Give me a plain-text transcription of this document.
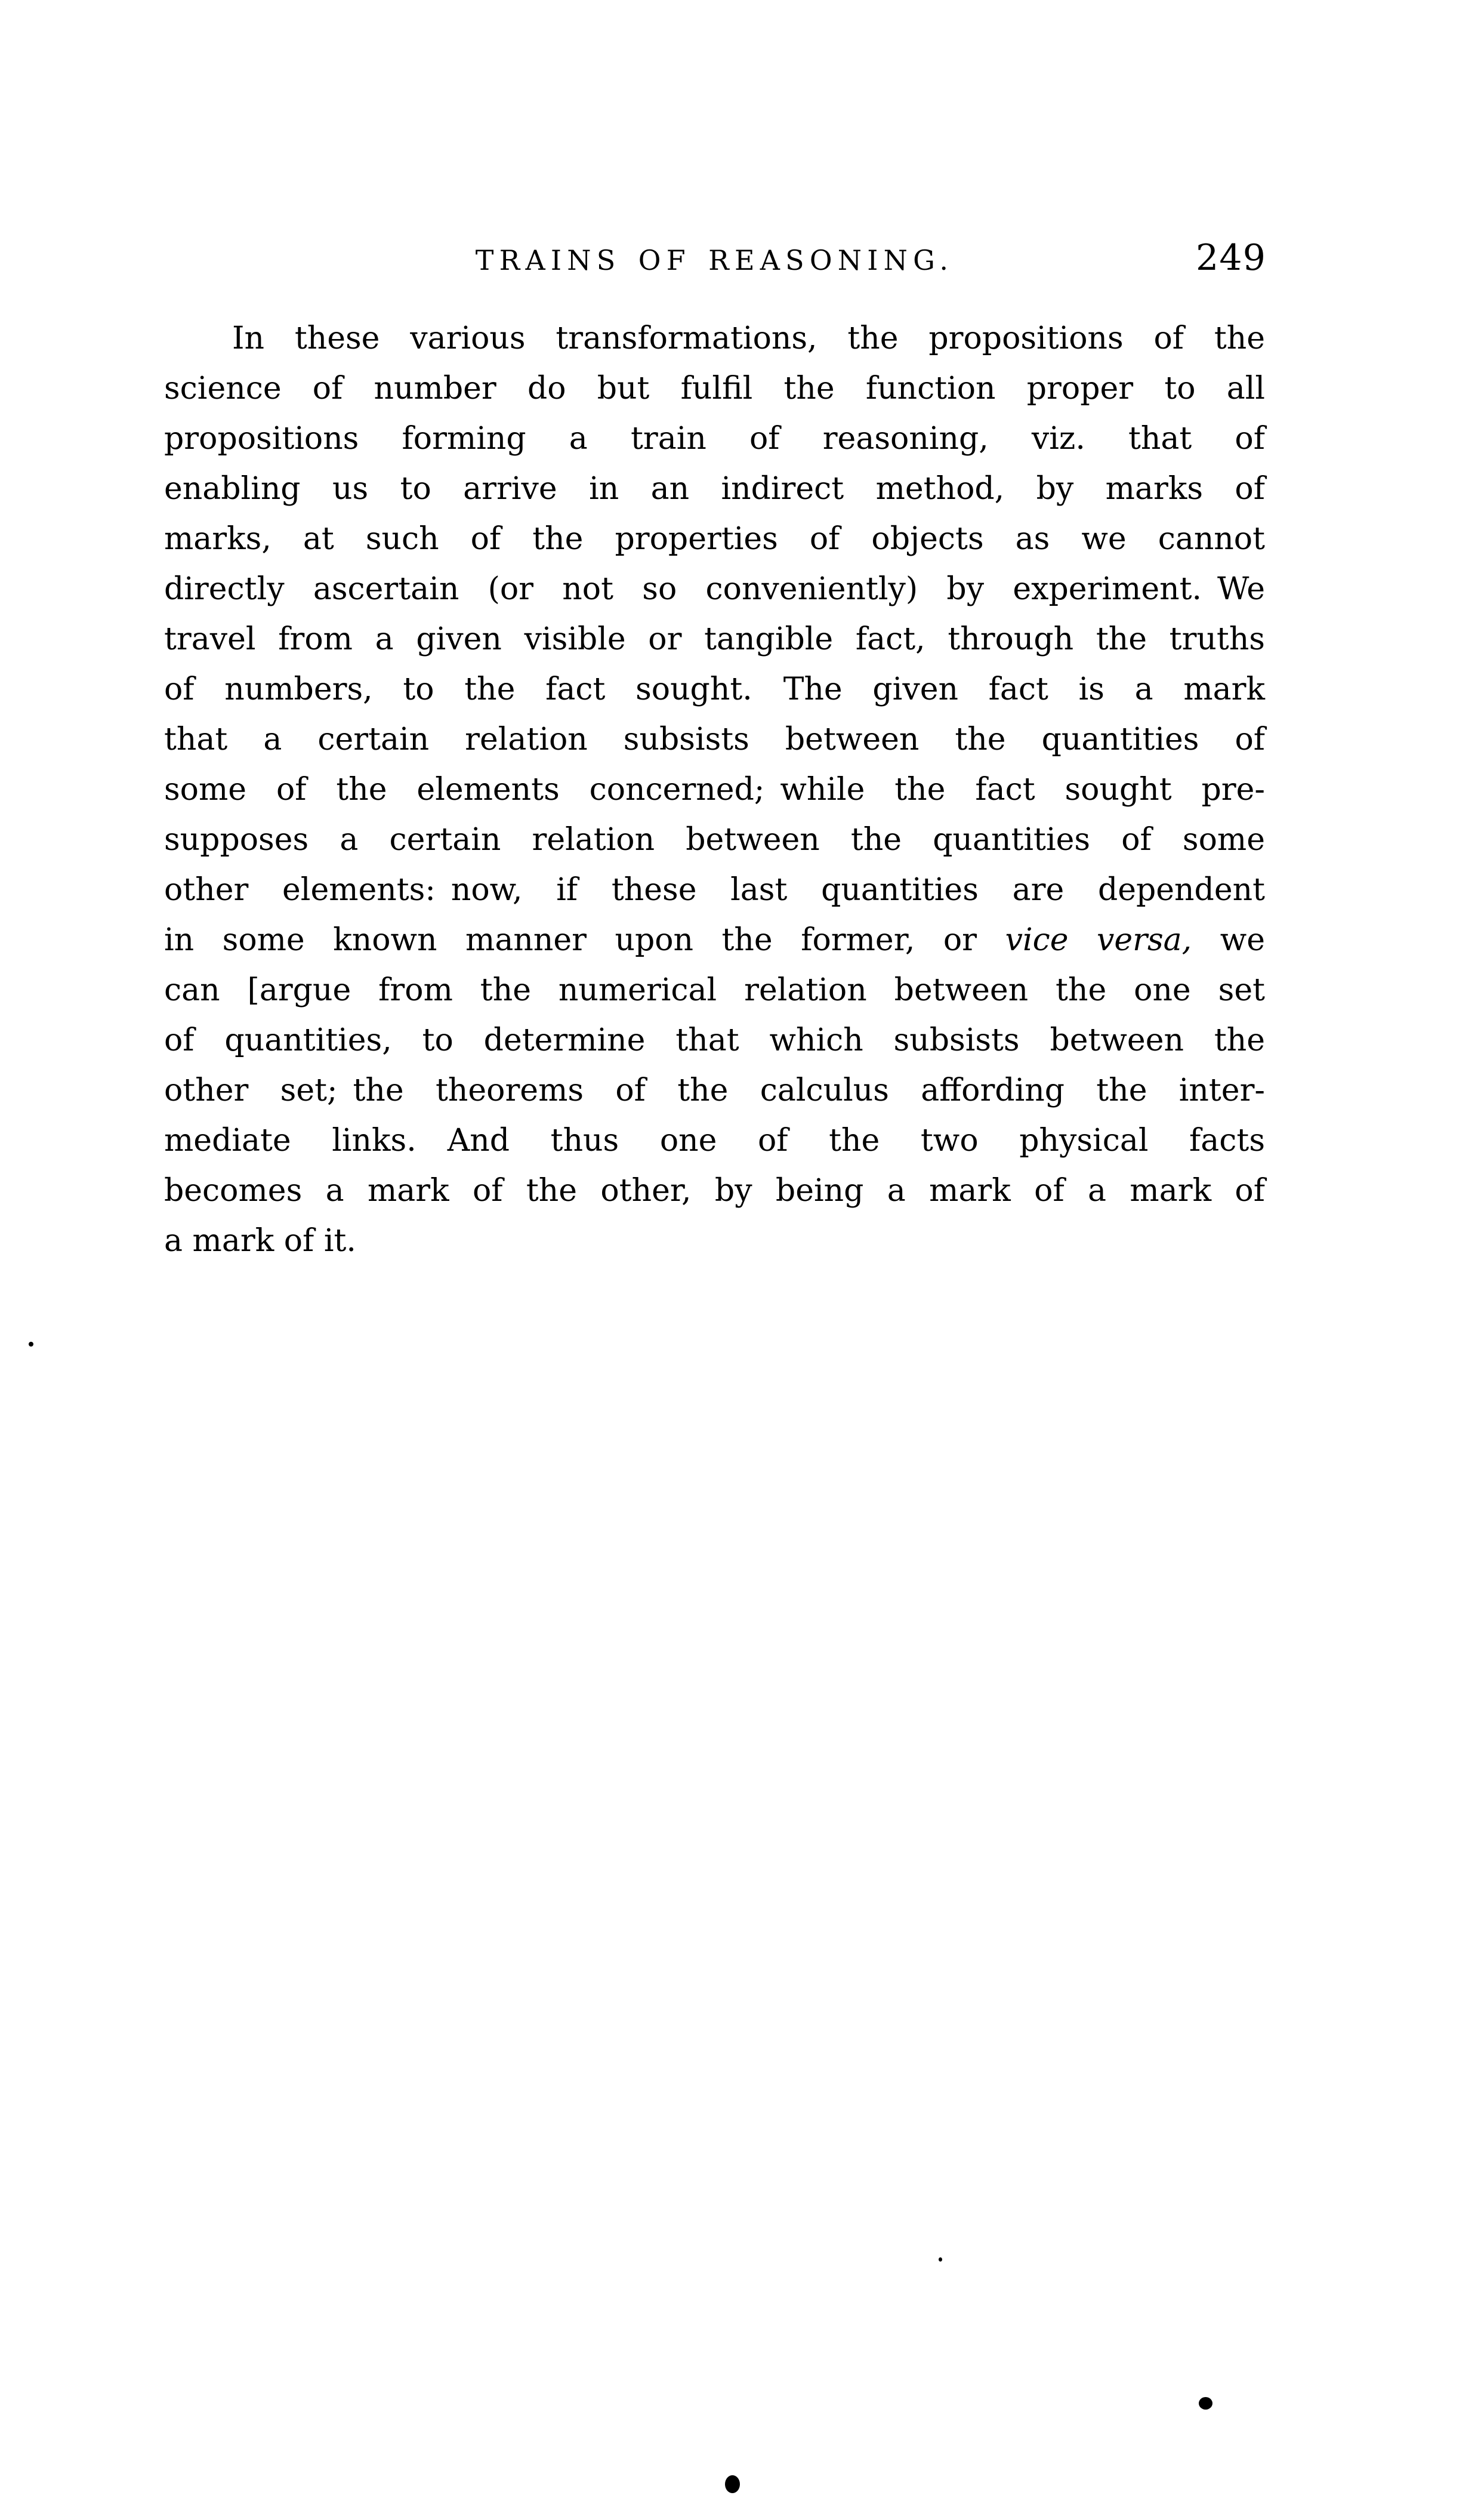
TRAINS OF REASONING.	249
In these various transformations, the propositions of the
science of number do but fulfil the function proper to all
propositions forming a train of reasoning, viz. that of
enabling us to arrive in an indirect method, by marks of
marks, at such of the properties of objects as we cannot
directly ascertain (or not so conveniently) by experiment. We
travel from a given visible or tangible fact, through the truths
of numbers, to the fact sought.  The given fact is a mark
that a certain relation subsists between the quantities of
some of the elements concerned; while the fact sought pre-
supposes a certain relation between the quantities of some
other elements: now, if these last quantities are dependent
in some known manner upon the former, or vice versa, we
can [argue from the numerical relation between the one set
of quantities, to determine that which subsists between the
other set; the theorems of the calculus affording the inter-
mediate links.  And thus one of the two physical facts
becomes a mark of the other, by being a mark of a mark of
a mark of it.
